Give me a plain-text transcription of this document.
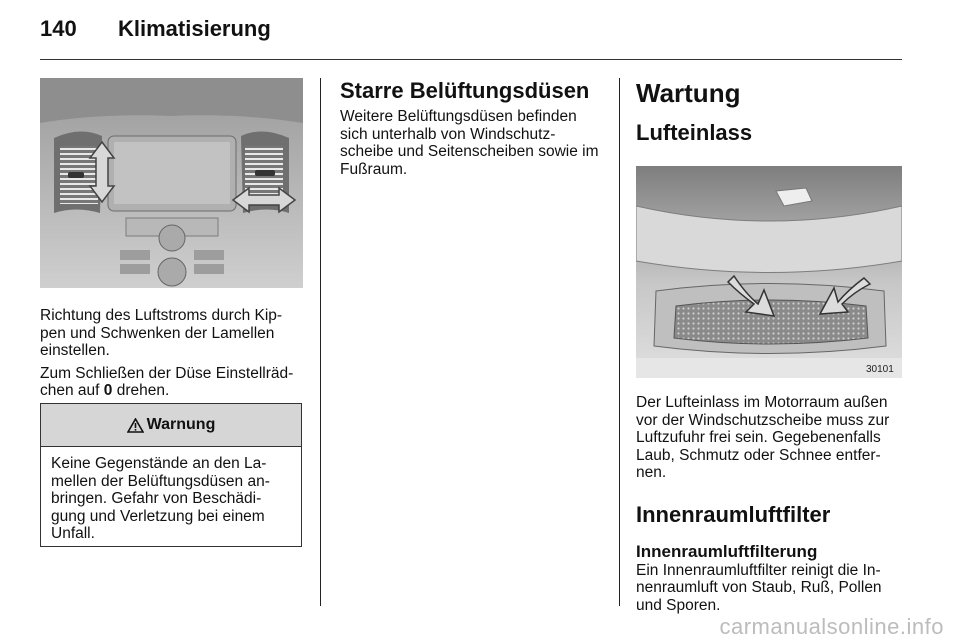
140	Klimatisierung

Richtung des Luftstroms durch Kip-
pen und Schwenken der Lamellen
einstellen.

Zum Schließen der Düse Einstellräd-
chen auf 0 drehen.

Warnung
Keine Gegenstände an den La-
mellen der Belüftungsdüsen an-
bringen. Gefahr von Beschädi-
gung und Verletzung bei einem
Unfall.
Starre Belüftungsdüsen

Weitere Belüftungsdüsen befinden
sich unterhalb von Windschutz-
scheibe und Seitenscheiben sowie im
Fußraum.

Wartung
Lufteinlass
30101

Der Lufteinlass im Motorraum außen
vor der Windschutzscheibe muss zur
Luftzufuhr frei sein. Gegebenenfalls
Laub, Schmutz oder Schnee entfer-
nen.

Innenraumluftfilter
Innenraumluftfilterung

Ein Innenraumluftfilter reinigt die In-
nenraumluft von Staub, Ruß, Pollen
und Sporen.

carmanualsonline.info
